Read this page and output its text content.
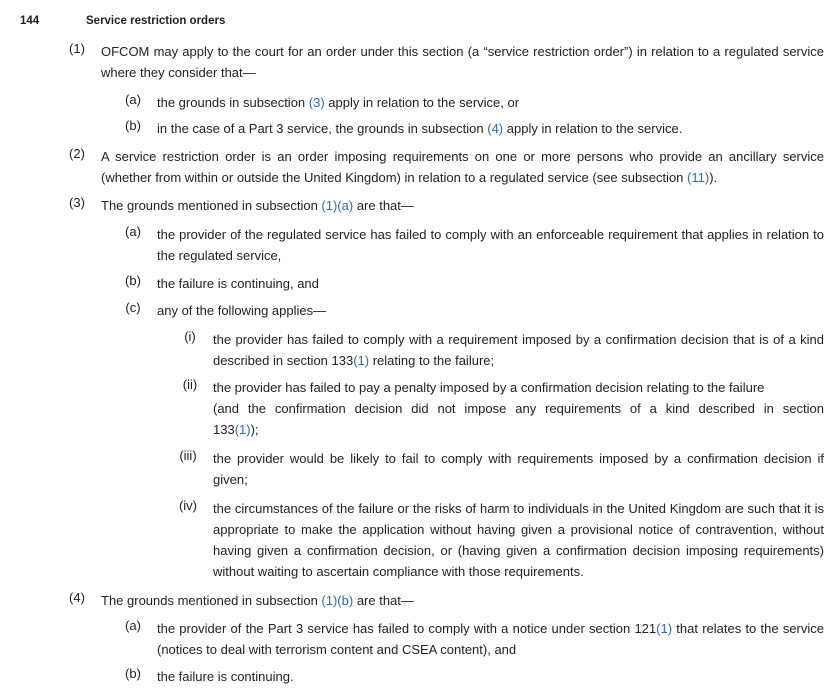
144	Service restriction orders
(1)	OFCOM may apply to the court for an order under this section (a “service restriction order”) in relation to a regulated service where they consider that—
(a)	the grounds in subsection (3) apply in relation to the service, or
(b)	in the case of a Part 3 service, the grounds in subsection (4) apply in relation to the service.
(2)	A service restriction order is an order imposing requirements on one or more persons who provide an ancillary service (whether from within or outside the United Kingdom) in relation to a regulated service (see subsection (11)).
(3)	The grounds mentioned in subsection (1)(a) are that—
(a)	the provider of the regulated service has failed to comply with an enforceable requirement that applies in relation to the regulated service,
(b)	the failure is continuing, and
(c)	any of the following applies—
(i)	the provider has failed to comply with a requirement imposed by a confirmation decision that is of a kind described in section 133(1) relating to the failure;
(ii)	the provider has failed to pay a penalty imposed by a confirmation decision relating to the failure
(and the confirmation decision did not impose any requirements of a kind described in section
133(1));
(iii)	the provider would be likely to fail to comply with requirements imposed by a confirmation decision if given;
(iv)	the circumstances of the failure or the risks of harm to individuals in the United Kingdom are such that it is appropriate to make the application without having given a provisional notice of contravention, without having given a confirmation decision, or (having given a confirmation decision imposing requirements) without waiting to ascertain compliance with those requirements.
(4)	The grounds mentioned in subsection (1)(b) are that—
(a)	the provider of the Part 3 service has failed to comply with a notice under section 121(1) that relates to the service (notices to deal with terrorism content and CSEA content), and
(b)	the failure is continuing.
